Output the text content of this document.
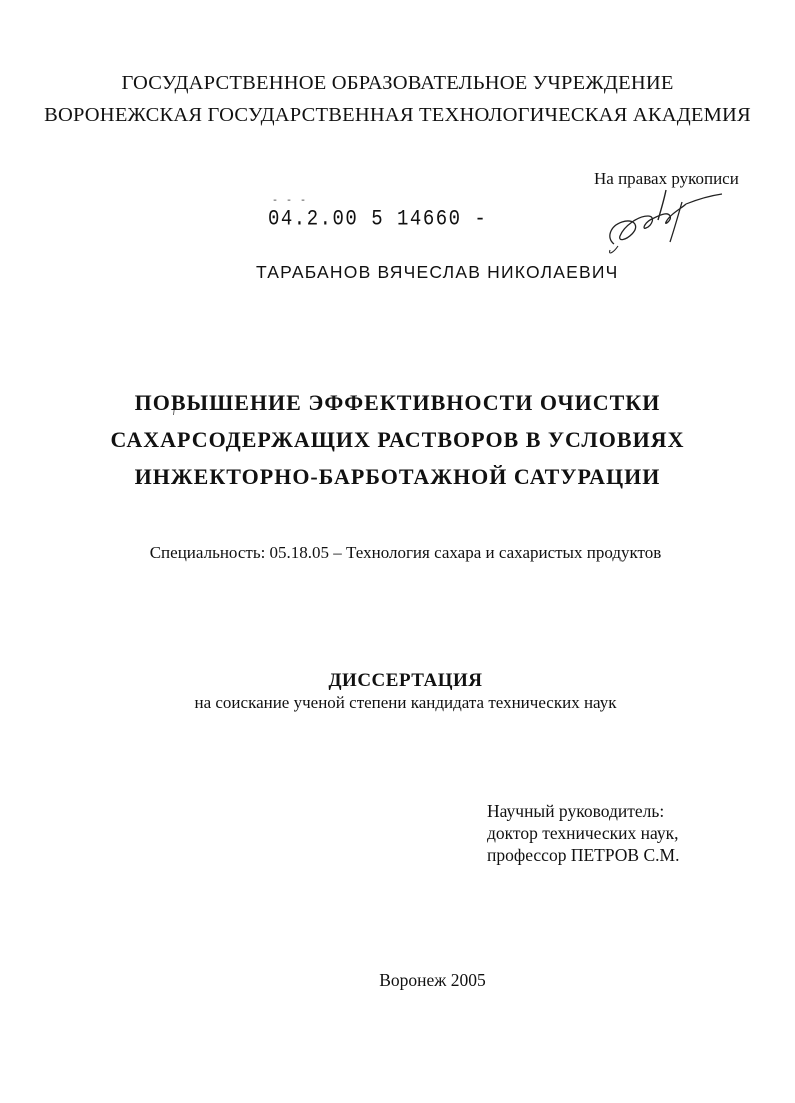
ГОСУДАРСТВЕННОЕ ОБРАЗОВАТЕЛЬНОЕ УЧРЕЖДЕНИЕ
ВОРОНЕЖСКАЯ ГОСУДАРСТВЕННАЯ ТЕХНОЛОГИЧЕСКАЯ АКАДЕМИЯ
На правах рукописи
- - -
04.2.00 5 14660 -
ТАРАБАНОВ ВЯЧЕСЛАВ НИКОЛАЕВИЧ
ПОВЫШЕНИЕ ЭФФЕКТИВНОСТИ ОЧИСТКИ
САХАРСОДЕРЖАЩИХ РАСТВОРОВ В УСЛОВИЯХ
ИНЖЕКТОРНО-БАРБОТАЖНОЙ САТУРАЦИИ
Специальность: 05.18.05 – Технология сахара и сахаристых продуктов
ДИССЕРТАЦИЯ
на соискание ученой степени кандидата технических наук
Научный руководитель:
доктор технических наук,
профессор ПЕТРОВ С.М.
Воронеж 2005
